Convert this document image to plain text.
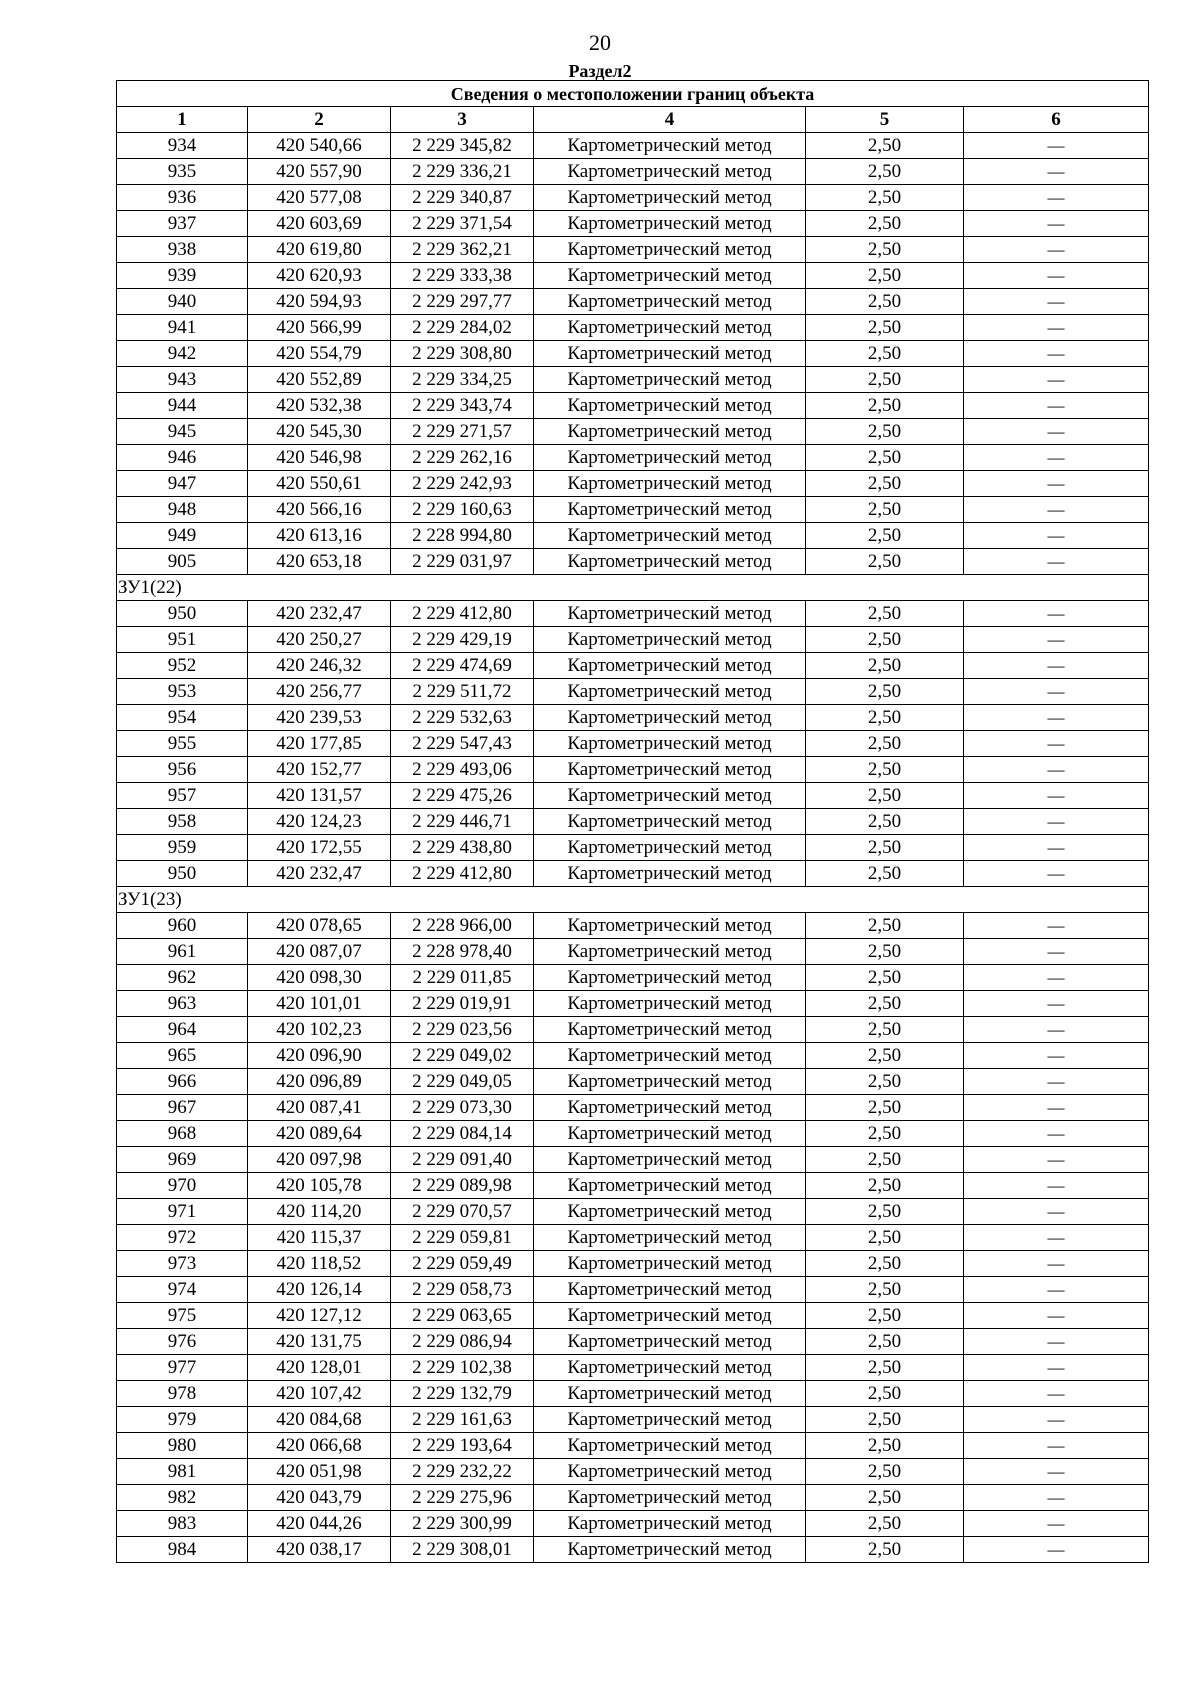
20
Раздел2
Сведения о местоположении границ объекта					
1	2	3	4	5	6
934	420 540,66	2 229 345,82	Картометрический метод	2,50	—
935	420 557,90	2 229 336,21	Картометрический метод	2,50	—
936	420 577,08	2 229 340,87	Картометрический метод	2,50	—
937	420 603,69	2 229 371,54	Картометрический метод	2,50	—
938	420 619,80	2 229 362,21	Картометрический метод	2,50	—
939	420 620,93	2 229 333,38	Картометрический метод	2,50	—
940	420 594,93	2 229 297,77	Картометрический метод	2,50	—
941	420 566,99	2 229 284,02	Картометрический метод	2,50	—
942	420 554,79	2 229 308,80	Картометрический метод	2,50	—
943	420 552,89	2 229 334,25	Картометрический метод	2,50	—
944	420 532,38	2 229 343,74	Картометрический метод	2,50	—
945	420 545,30	2 229 271,57	Картометрический метод	2,50	—
946	420 546,98	2 229 262,16	Картометрический метод	2,50	—
947	420 550,61	2 229 242,93	Картометрический метод	2,50	—
948	420 566,16	2 229 160,63	Картометрический метод	2,50	—
949	420 613,16	2 228 994,80	Картометрический метод	2,50	—
905	420 653,18	2 229 031,97	Картометрический метод	2,50	—
ЗУ1(22)					
950	420 232,47	2 229 412,80	Картометрический метод	2,50	—
951	420 250,27	2 229 429,19	Картометрический метод	2,50	—
952	420 246,32	2 229 474,69	Картометрический метод	2,50	—
953	420 256,77	2 229 511,72	Картометрический метод	2,50	—
954	420 239,53	2 229 532,63	Картометрический метод	2,50	—
955	420 177,85	2 229 547,43	Картометрический метод	2,50	—
956	420 152,77	2 229 493,06	Картометрический метод	2,50	—
957	420 131,57	2 229 475,26	Картометрический метод	2,50	—
958	420 124,23	2 229 446,71	Картометрический метод	2,50	—
959	420 172,55	2 229 438,80	Картометрический метод	2,50	—
950	420 232,47	2 229 412,80	Картометрический метод	2,50	—
ЗУ1(23)					
960	420 078,65	2 228 966,00	Картометрический метод	2,50	—
961	420 087,07	2 228 978,40	Картометрический метод	2,50	—
962	420 098,30	2 229 011,85	Картометрический метод	2,50	—
963	420 101,01	2 229 019,91	Картометрический метод	2,50	—
964	420 102,23	2 229 023,56	Картометрический метод	2,50	—
965	420 096,90	2 229 049,02	Картометрический метод	2,50	—
966	420 096,89	2 229 049,05	Картометрический метод	2,50	—
967	420 087,41	2 229 073,30	Картометрический метод	2,50	—
968	420 089,64	2 229 084,14	Картометрический метод	2,50	—
969	420 097,98	2 229 091,40	Картометрический метод	2,50	—
970	420 105,78	2 229 089,98	Картометрический метод	2,50	—
971	420 114,20	2 229 070,57	Картометрический метод	2,50	—
972	420 115,37	2 229 059,81	Картометрический метод	2,50	—
973	420 118,52	2 229 059,49	Картометрический метод	2,50	—
974	420 126,14	2 229 058,73	Картометрический метод	2,50	—
975	420 127,12	2 229 063,65	Картометрический метод	2,50	—
976	420 131,75	2 229 086,94	Картометрический метод	2,50	—
977	420 128,01	2 229 102,38	Картометрический метод	2,50	—
978	420 107,42	2 229 132,79	Картометрический метод	2,50	—
979	420 084,68	2 229 161,63	Картометрический метод	2,50	—
980	420 066,68	2 229 193,64	Картометрический метод	2,50	—
981	420 051,98	2 229 232,22	Картометрический метод	2,50	—
982	420 043,79	2 229 275,96	Картометрический метод	2,50	—
983	420 044,26	2 229 300,99	Картометрический метод	2,50	—
984	420 038,17	2 229 308,01	Картометрический метод	2,50	—
